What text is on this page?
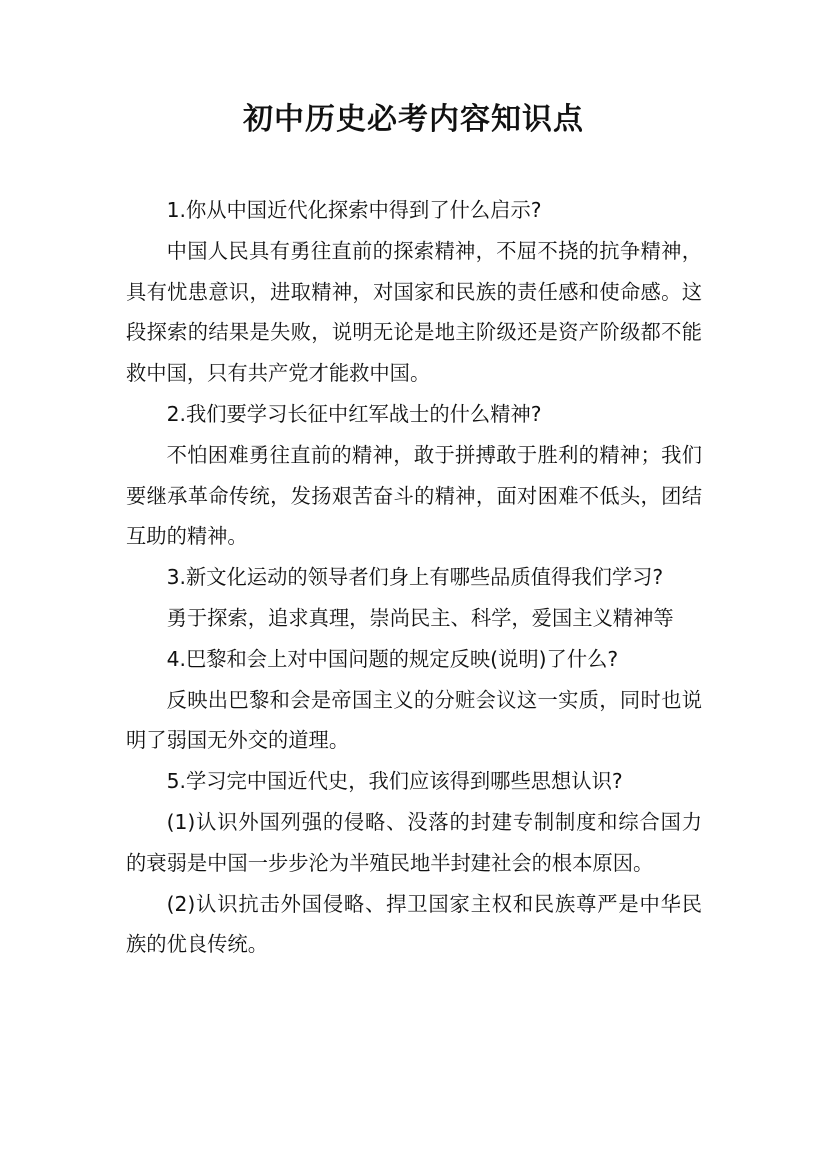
初中历史必考内容知识点

1.你从中国近代化探索中得到了什么启示?

中国人民具有勇往直前的探索精神，不屈不挠的抗争精神，具有忧患意识，进取精神，对国家和民族的责任感和使命感。这段探索的结果是失败，说明无论是地主阶级还是资产阶级都不能救中国，只有共产党才能救中国。

2.我们要学习长征中红军战士的什么精神?

不怕困难勇往直前的精神，敢于拼搏敢于胜利的精神；我们要继承革命传统，发扬艰苦奋斗的精神，面对困难不低头，团结互助的精神。

3.新文化运动的领导者们身上有哪些品质值得我们学习?

勇于探索，追求真理，崇尚民主、科学，爱国主义精神等

4.巴黎和会上对中国问题的规定反映(说明)了什么?

反映出巴黎和会是帝国主义的分赃会议这一实质，同时也说明了弱国无外交的道理。

5.学习完中国近代史，我们应该得到哪些思想认识?

(1)认识外国列强的侵略、没落的封建专制制度和综合国力的衰弱是中国一步步沦为半殖民地半封建社会的根本原因。

(2)认识抗击外国侵略、捍卫国家主权和民族尊严是中华民族的优良传统。
